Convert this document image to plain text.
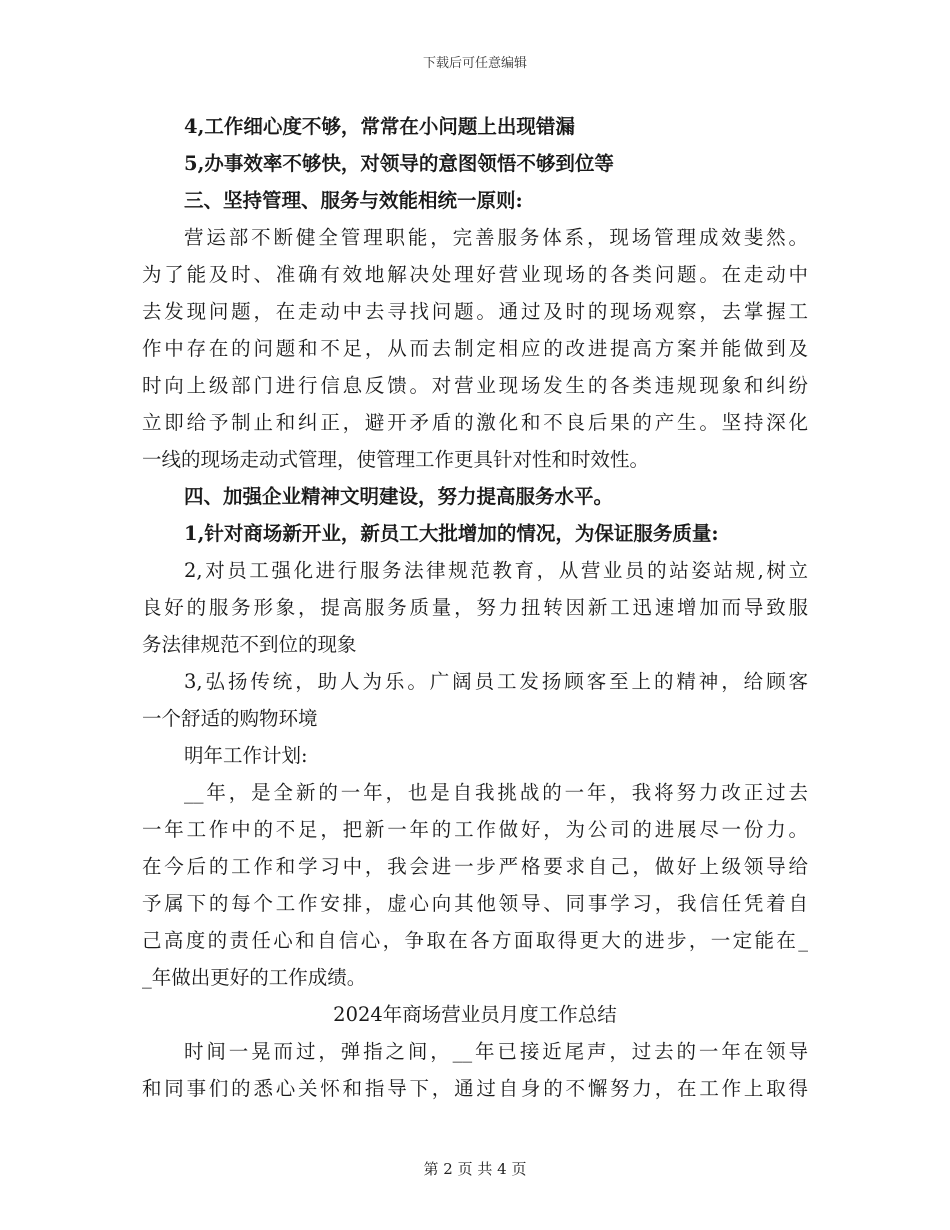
下载后可任意编辑
4,工作细心度不够，常常在小问题上出现错漏
5,办事效率不够快，对领导的意图领悟不够到位等
三、坚持管理、服务与效能相统一原则:
营运部不断健全管理职能，完善服务体系，现场管理成效斐然。
为了能及时、准确有效地解决处理好营业现场的各类问题。在走动中
去发现问题，在走动中去寻找问题。通过及时的现场观察，去掌握工
作中存在的问题和不足，从而去制定相应的改进提高方案并能做到及
时向上级部门进行信息反馈。对营业现场发生的各类违规现象和纠纷
立即给予制止和纠正，避开矛盾的激化和不良后果的产生。坚持深化
一线的现场走动式管理，使管理工作更具针对性和时效性。
四、加强企业精神文明建设，努力提高服务水平。
1,针对商场新开业，新员工大批增加的情况，为保证服务质量:
2,对员工强化进行服务法律规范教育，从营业员的站姿站规,树立
良好的服务形象，提高服务质量，努力扭转因新工迅速增加而导致服
务法律规范不到位的现象
3,弘扬传统，助人为乐。广阔员工发扬顾客至上的精神，给顾客
一个舒适的购物环境
明年工作计划:
__年，是全新的一年，也是自我挑战的一年，我将努力改正过去
一年工作中的不足，把新一年的工作做好，为公司的进展尽一份力。
在今后的工作和学习中，我会进一步严格要求自己，做好上级领导给
予属下的每个工作安排，虚心向其他领导、同事学习，我信任凭着自
己高度的责任心和自信心，争取在各方面取得更大的进步，一定能在_
_年做出更好的工作成绩。
2024年商场营业员月度工作总结
时间一晃而过，弹指之间，__年已接近尾声，过去的一年在领导
和同事们的悉心关怀和指导下，通过自身的不懈努力，在工作上取得
第 2 页 共 4 页
